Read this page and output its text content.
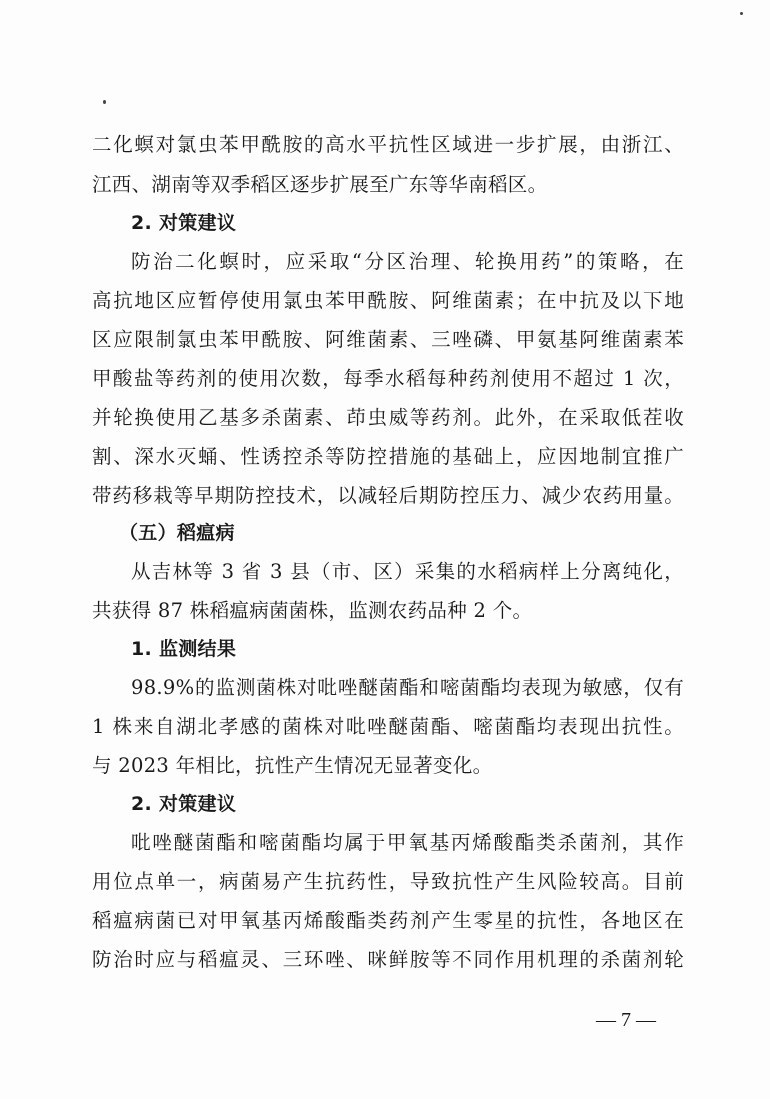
二化螟对氯虫苯甲酰胺的高水平抗性区域进一步扩展，由浙江、
江西、湖南等双季稻区逐步扩展至广东等华南稻区。
2. 对策建议
防治二化螟时，应采取“分区治理、轮换用药”的策略，在
高抗地区应暂停使用氯虫苯甲酰胺、阿维菌素；在中抗及以下地
区应限制氯虫苯甲酰胺、阿维菌素、三唑磷、甲氨基阿维菌素苯
甲酸盐等药剂的使用次数，每季水稻每种药剂使用不超过 1 次，
并轮换使用乙基多杀菌素、茚虫威等药剂。此外，在采取低茬收
割、深水灭蛹、性诱控杀等防控措施的基础上，应因地制宜推广
带药移栽等早期防控技术，以减轻后期防控压力、减少农药用量。
（五）稻瘟病
从吉林等 3 省 3 县（市、区）采集的水稻病样上分离纯化，
共获得 87 株稻瘟病菌菌株，监测农药品种 2 个。
1. 监测结果
98.9%的监测菌株对吡唑醚菌酯和嘧菌酯均表现为敏感，仅有
1 株来自湖北孝感的菌株对吡唑醚菌酯、嘧菌酯均表现出抗性。
与 2023 年相比，抗性产生情况无显著变化。
2. 对策建议
吡唑醚菌酯和嘧菌酯均属于甲氧基丙烯酸酯类杀菌剂，其作
用位点单一，病菌易产生抗药性，导致抗性产生风险较高。目前
稻瘟病菌已对甲氧基丙烯酸酯类药剂产生零星的抗性，各地区在
防治时应与稻瘟灵、三环唑、咪鲜胺等不同作用机理的杀菌剂轮
— 7 —
